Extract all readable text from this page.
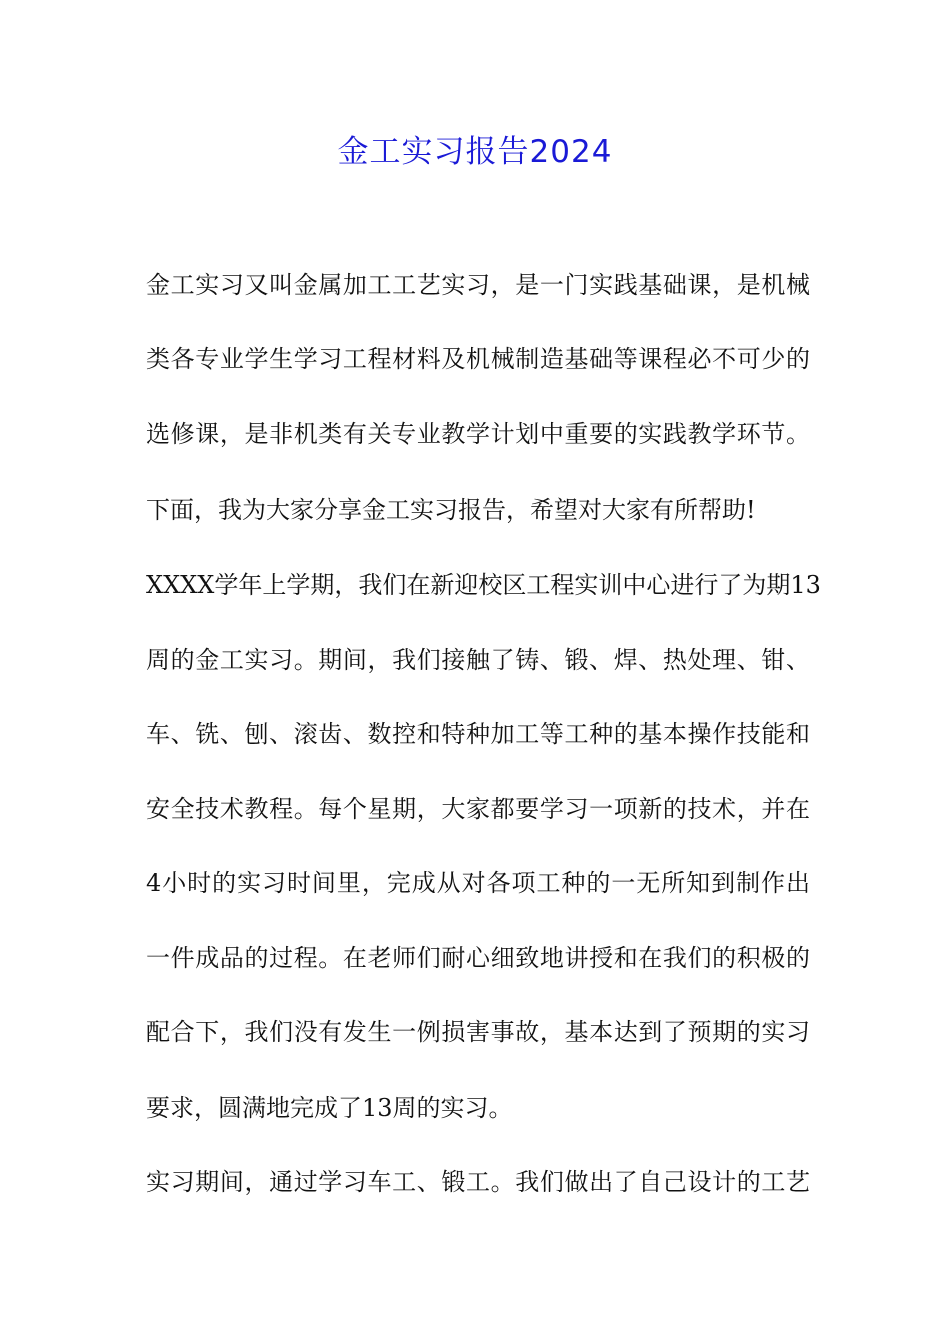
金工实习报告2024
金工实习又叫金属加工工艺实习，是一门实践基础课，是机械
类各专业学生学习工程材料及机械制造基础等课程必不可少的
选修课，是非机类有关专业教学计划中重要的实践教学环节。
下面，我为大家分享金工实习报告，希望对大家有所帮助!
XXXX学年上学期，我们在新迎校区工程实训中心进行了为期13
周的金工实习。期间，我们接触了铸、锻、焊、热处理、钳、
车、铣、刨、滚齿、数控和特种加工等工种的基本操作技能和
安全技术教程。每个星期，大家都要学习一项新的技术，并在
4小时的实习时间里，完成从对各项工种的一无所知到制作出
一件成品的过程。在老师们耐心细致地讲授和在我们的积极的
配合下，我们没有发生一例损害事故，基本达到了预期的实习
要求，圆满地完成了13周的实习。
实习期间，通过学习车工、锻工。我们做出了自己设计的工艺
